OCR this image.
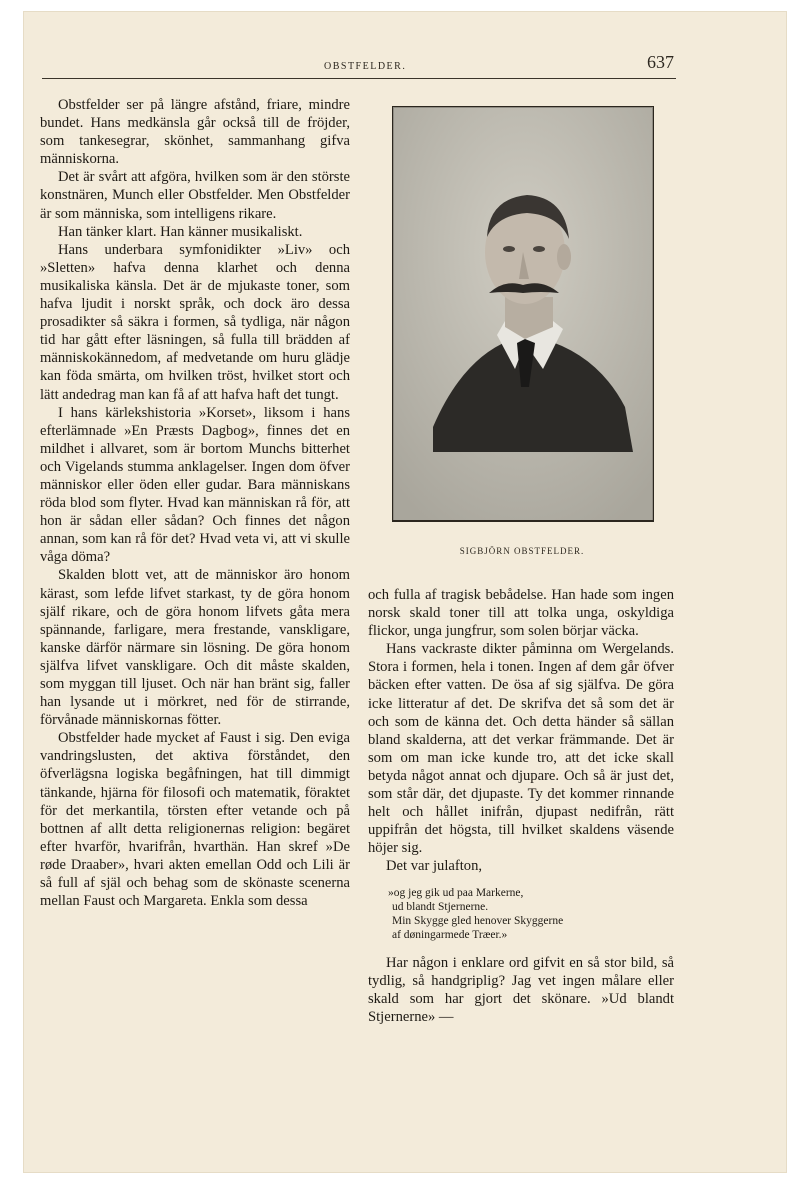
OBSTFELDER.	637

Obstfelder ser på längre afstånd, friare, mindre bundet. Hans medkänsla går också till de fröjder, som tankesegrar, skönhet, sammanhang gifva människorna.

Det är svårt att afgöra, hvilken som är den störste konstnären, Munch eller Obstfelder. Men Obstfelder är som människa, som intelligens rikare.

Han tänker klart. Han känner musikaliskt.

Hans underbara symfonidikter »Liv» och »Sletten» hafva denna klarhet och denna musikaliska känsla. Det är de mjukaste toner, som hafva ljudit i norskt språk, och dock äro dessa prosadikter så säkra i formen, så tydliga, när någon tid har gått efter läsningen, så fulla till brädden af människokännedom, af medvetande om huru glädje kan föda smärta, om hvilken tröst, hvilket stort och lätt andedrag man kan få af att hafva haft det tungt.

I hans kärlekshistoria »Korset», liksom i hans efterlämnade »En Præsts Dagbog», finnes det en mildhet i allvaret, som är bortom Munchs bitterhet och Vigelands stumma anklagelser. Ingen dom öfver människor eller öden eller gudar. Bara människans röda blod som flyter. Hvad kan människan rå för, att hon är sådan eller sådan? Och finnes det någon annan, som kan rå för det? Hvad veta vi, att vi skulle våga döma?

Skalden blott vet, att de människor äro honom kärast, som lefde lifvet starkast, ty de göra honom själf rikare, och de göra honom lifvets gåta mera spännande, farligare, mera frestande, vanskligare, kanske därför närmare sin lösning. De göra honom själfva lifvet vanskligare. Och dit måste skalden, som myggan till ljuset. Och när han bränt sig, faller han lysande ut i mörkret, ned för de stirrande, förvånade människornas fötter.

Obstfelder hade mycket af Faust i sig. Den eviga vandringslusten, det aktiva förståndet, den öfverlägsna logiska begåfningen, hat till dimmigt tänkande, hjärna för filosofi och matematik, föraktet för det merkantila, törsten efter vetande och på bottnen af allt detta religionernas religion: begäret efter hvarför, hvarifrån, hvarthän. Han skref »De røde Draaber», hvari akten emellan Odd och Lili är så full af själ och behag som de skönaste scenerna mellan Faust och Margareta. Enkla som dessa

SIGBJÖRN OBSTFELDER.

och fulla af tragisk bebådelse. Han hade som ingen norsk skald toner till att tolka unga, oskyldiga flickor, unga jungfrur, som solen börjar väcka.

Hans vackraste dikter påminna om Wergelands. Stora i formen, hela i tonen. Ingen af dem går öfver bäcken efter vatten. De ösa af sig själfva. De göra icke litteratur af det. De skrifva det så som det är och som de känna det. Och detta händer så sällan bland skalderna, att det verkar främmande. Det är som om man icke kunde tro, att det icke skall betyda något annat och djupare. Och så är just det, som står där, det djupaste. Ty det kommer rinnande helt och hållet inifrån, djupast nedifrån, rätt uppifrån det högsta, till hvilket skaldens väsende höjer sig.

Det var julafton,

»og jeg gik ud paa Markerne,
ud blandt Stjernerne.
Min Skygge gled henover Skyggerne
af døningarmede Træer.»

Har någon i enklare ord gifvit en så stor bild, så tydlig, så handgriplig? Jag vet ingen målare eller skald som har gjort det skönare. »Ud blandt Stjernerne» —
